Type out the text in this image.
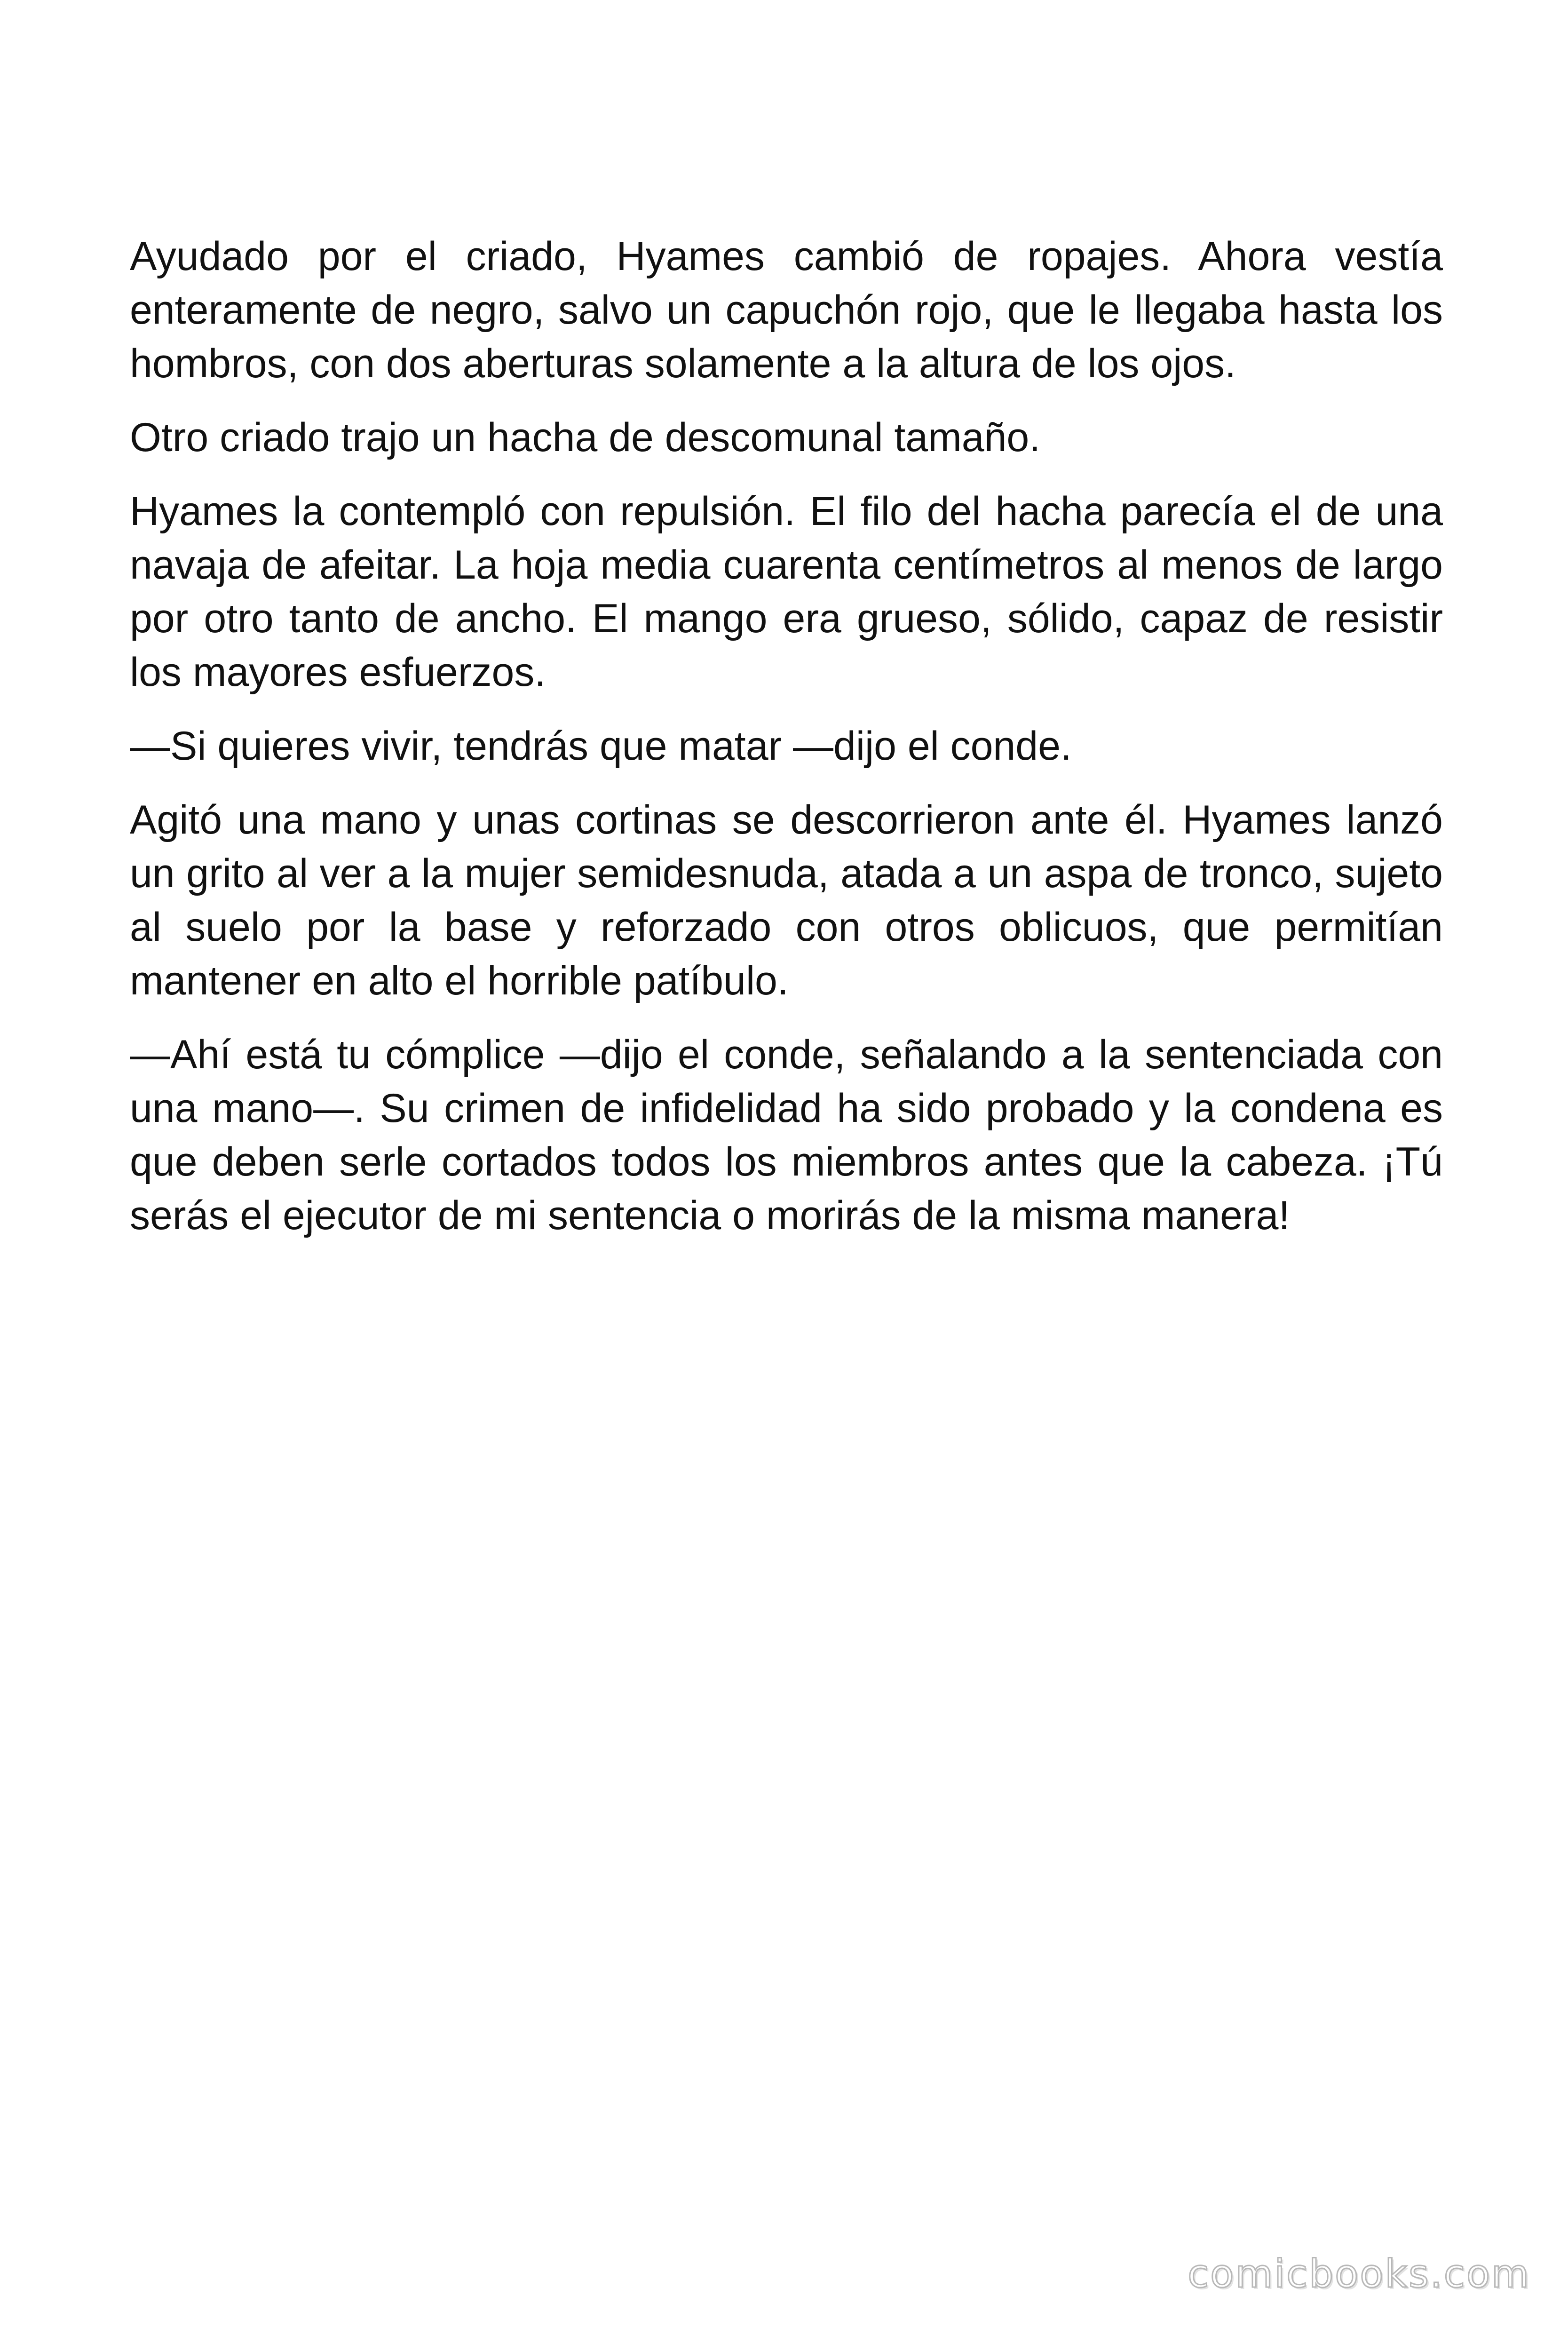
Ayudado por el criado, Hyames cambió de ropajes. Ahora vestía enteramente de negro, salvo un capuchón rojo, que le llegaba hasta los hombros, con dos aberturas solamente a la altura de los ojos.

Otro criado trajo un hacha de descomunal tamaño.

Hyames la contempló con repulsión. El filo del hacha parecía el de una navaja de afeitar. La hoja media cuarenta centímetros al menos de largo por otro tanto de ancho. El mango era grueso, sólido, capaz de resistir los mayores esfuerzos.

—Si quieres vivir, tendrás que matar —dijo el conde.

Agitó una mano y unas cortinas se descorrieron ante él. Hyames lanzó un grito al ver a la mujer semidesnuda, atada a un aspa de tronco, sujeto al suelo por la base y reforzado con otros oblicuos, que permitían mantener en alto el horrible patíbulo.

—Ahí está tu cómplice —dijo el conde, señalando a la sentenciada con una mano—. Su crimen de infidelidad ha sido probado y la condena es que deben serle cortados todos los miembros antes que la cabeza. ¡Tú serás el ejecutor de mi sentencia o morirás de la misma manera!

comicbooks.com
